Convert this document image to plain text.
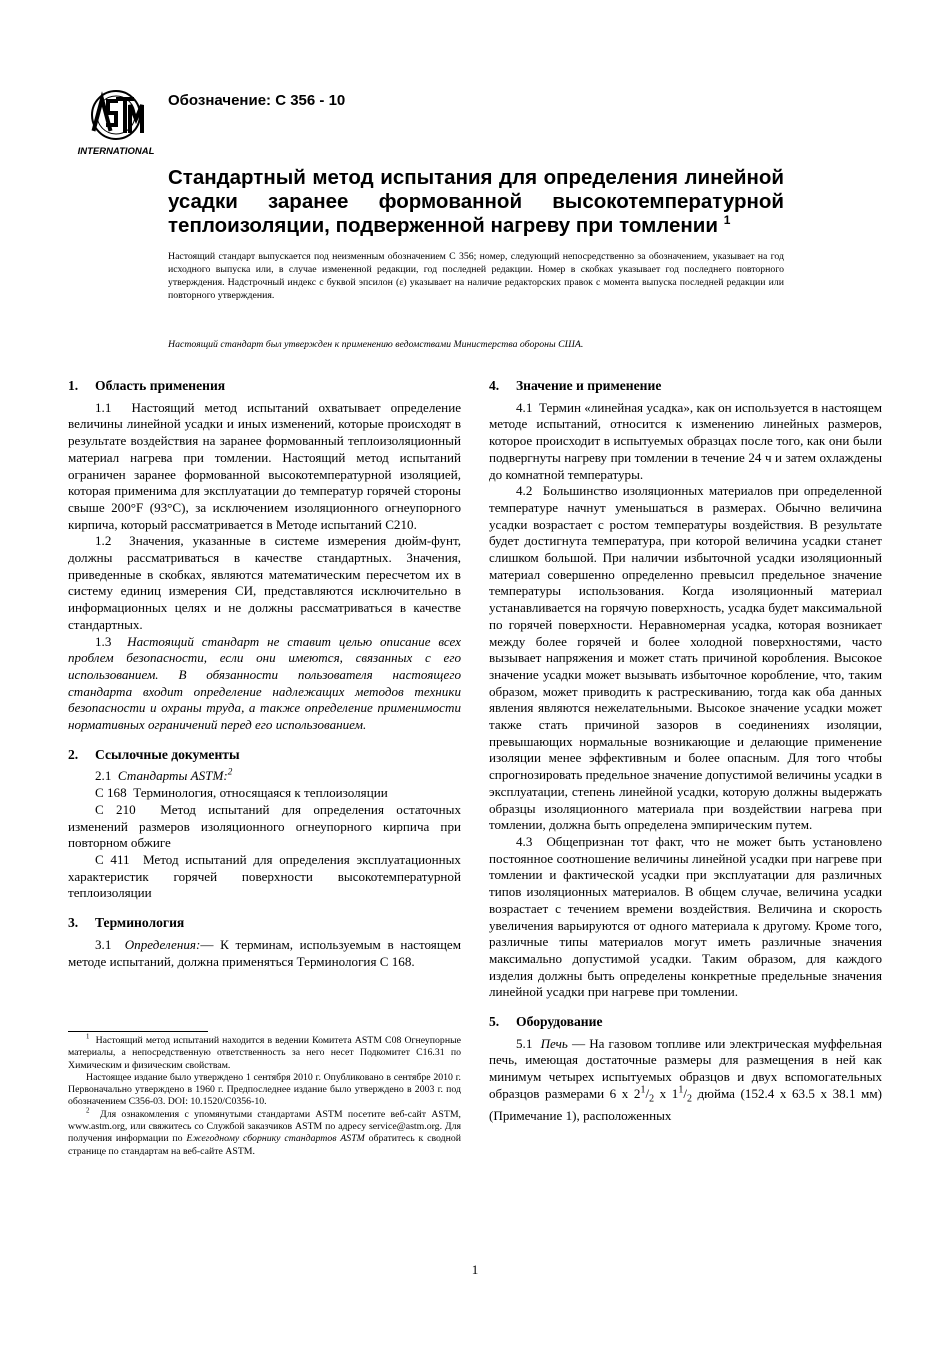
INTERNATIONAL
Обозначение: C 356 - 10
Стандартный метод испытания для определения линейной усадки заранее формованной высокотемпературной теплоизоляции, подверженной нагреву при томлении $^1$
Настоящий стандарт выпускается под неизменным обозначением C 356; номер, следующий непосредственно за обозначением, указывает на год исходного выпуска или, в случае измененной редакции, год последней редакции. Номер в скобках указывает год последнего повторного утверждения. Надстрочный индекс с буквой эпсилон (ε) указывает на наличие редакторских правок с момента выпуска последней редакции или повторного утверждения.
Настоящий стандарт был утвержден к применению ведомствами Министерства обороны США.
1. Область применения

1.1 Настоящий метод испытаний охватывает определение величины линейной усадки и иных изменений, которые происходят в результате воздействия на заранее формованный теплоизоляционный материал нагрева при томлении. Настоящий метод испытаний ограничен заранее формованной высокотемпературной изоляцией, которая применима для эксплуатации до температур горячей стороны свыше 200°F (93°C), за исключением изоляционного огнеупорного кирпича, который рассматривается в Методе испытаний C210.

1.2 Значения, указанные в системе измерения дюйм-фунт, должны рассматриваться в качестве стандартных. Значения, приведенные в скобках, являются математическим пересчетом их в систему единиц измерения СИ, представляются исключительно в информационных целях и не должны рассматриваться в качестве стандартных.

1.3 Настоящий стандарт не ставит целью описание всех проблем безопасности, если они имеются, связанных с его использованием. В обязанности пользователя настоящего стандарта входит определение надлежащих методов техники безопасности и охраны труда, а также определение применимости нормативных ограничений перед его использованием.

2. Ссылочные документы

2.1 Стандарты ASTM:$^2$

C 168 Терминология, относящаяся к теплоизоляции

C 210 Метод испытаний для определения остаточных изменений размеров изоляционного огнеупорного кирпича при повторном обжиге

C 411 Метод испытаний для определения эксплуатационных характеристик горячей поверхности высокотемпературной теплоизоляции

3. Терминология

3.1 Определения:— К терминам, используемым в настоящем методе испытаний, должна применяться Терминология C 168.

$^1$ Настоящий метод испытаний находится в ведении Комитета ASTM C08 Огнеупорные материалы, а непосредственную ответственность за него несет Подкомитет C16.31 по Химическим и физическим свойствам.

Настоящее издание было утверждено 1 сентября 2010 г. Опубликовано в сентябре 2010 г. Первоначально утверждено в 1960 г. Предпоследнее издание было утверждено в 2003 г. под обозначением C356-03. DOI: 10.1520/C0356-10.

$^2$ Для ознакомления с упомянутыми стандартами ASTM посетите веб-сайт ASTM, www.astm.org, или свяжитесь со Службой заказчиков ASTM по адресу service@astm.org. Для получения информации по Ежегодному сборнику стандартов ASTM обратитесь к сводной странице по стандартам на веб-сайте ASTM.

4. Значение и применение

4.1 Термин «линейная усадка», как он используется в настоящем методе испытаний, относится к изменению линейных размеров, которое происходит в испытуемых образцах после того, как они были подвергнуты нагреву при томлении в течение 24 ч и затем охлаждены до комнатной температуры.

4.2 Большинство изоляционных материалов при определенной температуре начнут уменьшаться в размерах. Обычно величина усадки возрастает с ростом температуры воздействия. В результате будет достигнута температура, при которой величина усадки станет слишком большой. При наличии избыточной усадки изоляционный материал совершенно определенно превысил предельное значение температуры использования. Когда изоляционный материал устанавливается на горячую поверхность, усадка будет максимальной по горячей поверхности. Неравномерная усадка, которая возникает между более горячей и более холодной поверхностями, часто вызывает напряжения и может стать причиной коробления. Высокое значение усадки может вызывать избыточное коробление, что, таким образом, может приводить к растрескиванию, тогда как оба данных явления являются нежелательными. Высокое значение усадки может также стать причиной зазоров в соединениях изоляции, превышающих нормальные возникающие и делающие применение изоляции менее эффективным и более опасным. Для того чтобы спрогнозировать предельное значение допустимой величины усадки в эксплуатации, степень линейной усадки, которую должны выдержать образцы изоляционного материала при воздействии нагрева при томлении, должна быть определена эмпирическим путем.

4.3 Общепризнан тот факт, что не может быть установлено постоянное соотношение величины линейной усадки при нагреве при томлении и фактической усадки при эксплуатации для различных типов изоляционных материалов. В общем случае, величина усадки возрастает с течением времени воздействия. Величина и скорость увеличения варьируются от одного материала к другому. Кроме того, различные типы материалов могут иметь различные значения максимально допустимой усадки. Таким образом, для каждого изделия должны быть определены конкретные предельные значения линейной усадки при нагреве при томлении.

5. Оборудование

5.1 Печь — На газовом топливе или электрическая муффельная печь, имеющая достаточные размеры для размещения в ней как минимум четырех испытуемых образцов и двух вспомогательных образцов размерами 6 x $2^1/_2$ x $1^1/_2$ дюйма (152.4 x 63.5 x 38.1 мм) (Примечание 1), расположенных

1
